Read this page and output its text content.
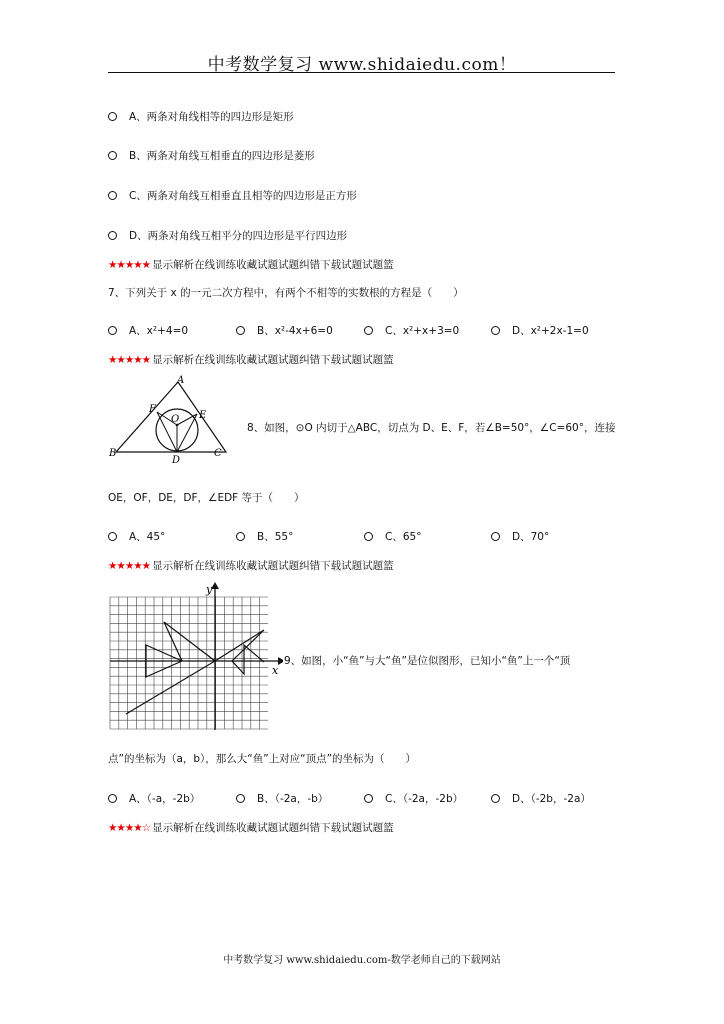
中考数学复习 www.shidaiedu.com！
A、两条对角线相等的四边形是矩形
B、两条对角线互相垂直的四边形是菱形
C、两条对角线互相垂直且相等的四边形是正方形
D、两条对角线互相平分的四边形是平行四边形
★★★★★ 显示解析在线训练收藏试题试题纠错下载试题试题篮
7、下列关于 x 的一元二次方程中，有两个不相等的实数根的方程是（　　）
A、x²+4=0	B、x²-4x+6=0	C、x²+x+3=0	D、x²+2x-1=0
★★★★★ 显示解析在线训练收藏试题试题纠错下载试题试题篮
A
B	C
D
E
F
O
8、如图，⊙O 内切于△ABC，切点为 D、E、F，若∠B=50°，∠C=60°，连接
OE，OF，DE，DF，∠EDF 等于（　　）
A、45°	B、55°	C、65°	D、70°
★★★★★ 显示解析在线训练收藏试题试题纠错下载试题试题篮
x
y
9、如图，小“鱼”与大“鱼”是位似图形，已知小“鱼”上一个“顶
点”的坐标为（a，b），那么大“鱼”上对应“顶点”的坐标为（　　）
A、（-a，-2b）	B、（-2a，-b）	C、（-2a，-2b）	D、（-2b，-2a）
★★★★☆ 显示解析在线训练收藏试题试题纠错下载试题试题篮
中考数学复习 www.shidaiedu.com-数学老师自己的下载网站
